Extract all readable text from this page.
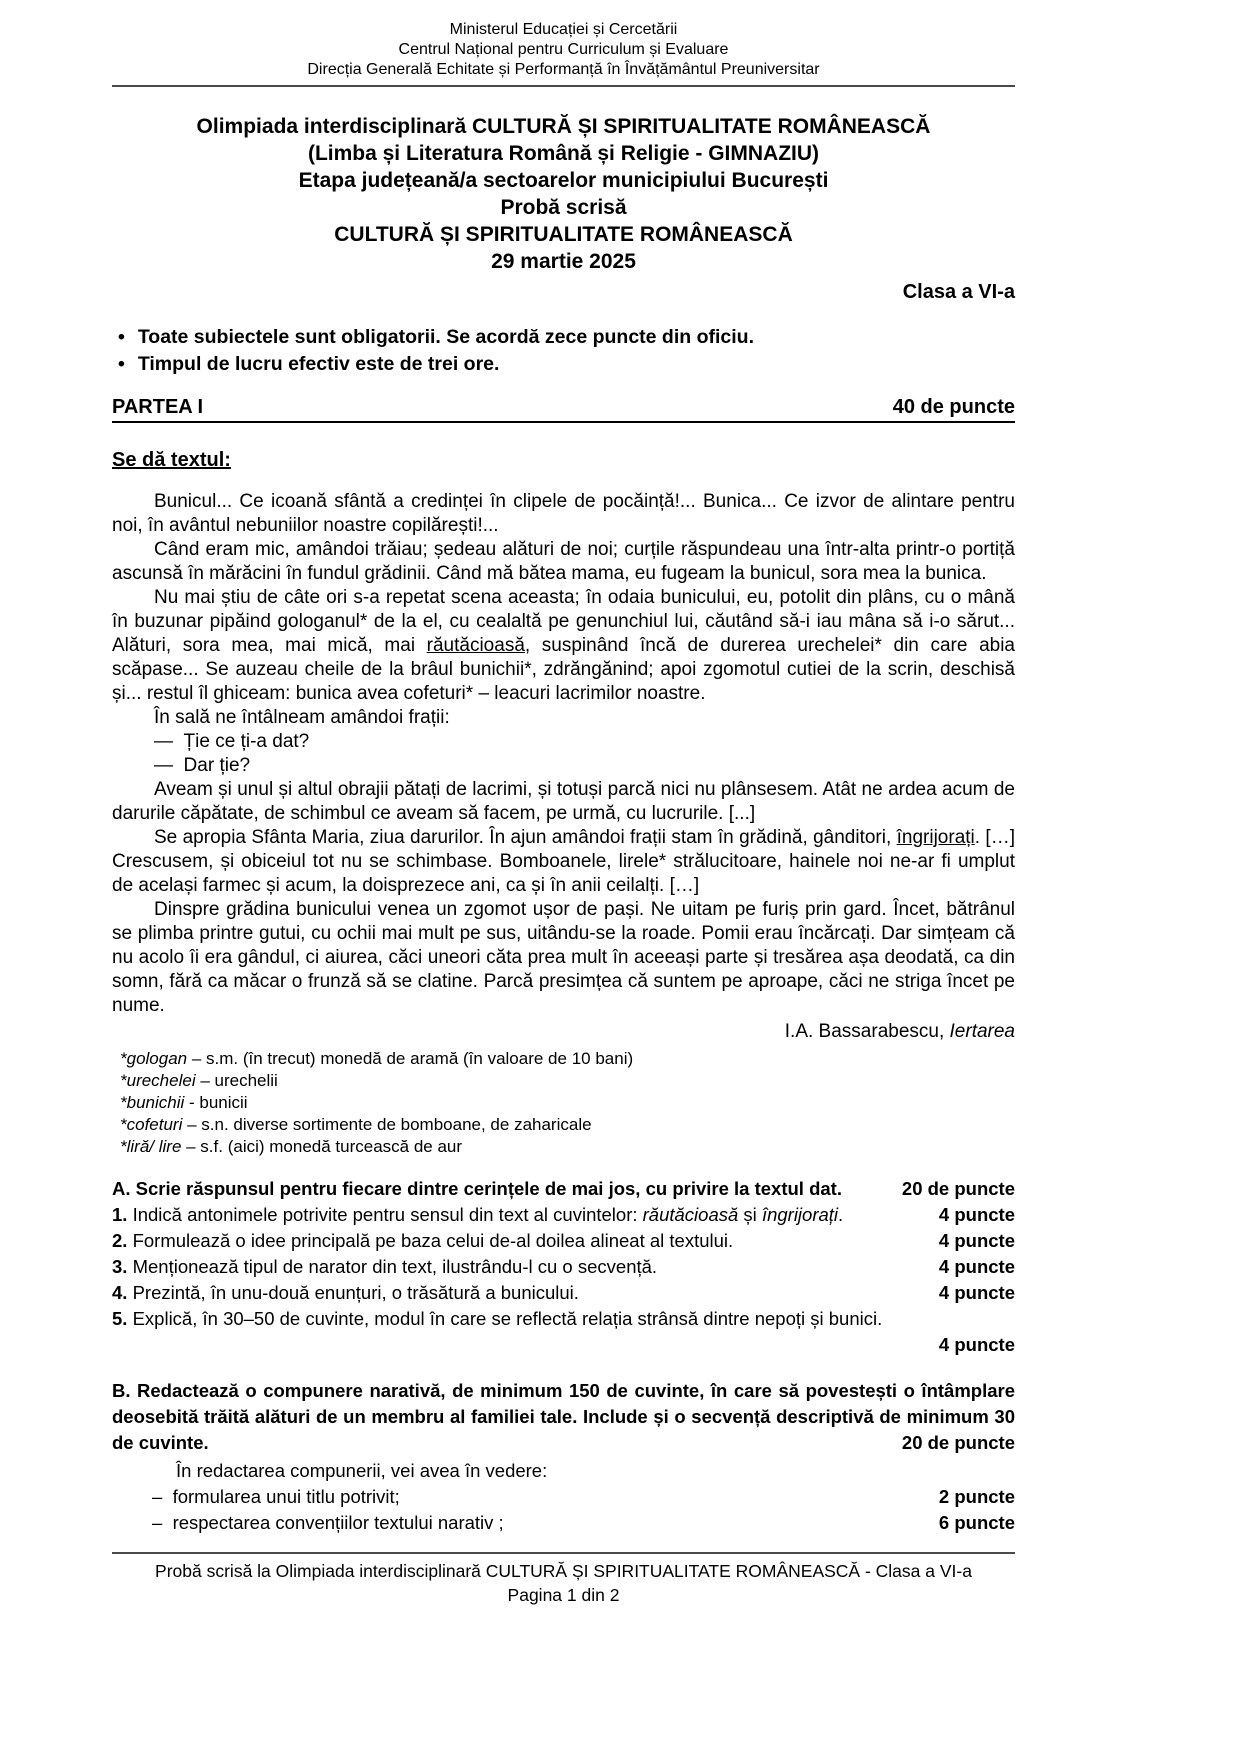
Ministerul Educației și Cercetării
Centrul Național pentru Curriculum și Evaluare
Direcția Generală Echitate și Performanță în Învățământul Preuniversitar
Olimpiada interdisciplinară CULTURĂ ȘI SPIRITUALITATE ROMÂNEASCĂ
(Limba și Literatura Română și Religie - GIMNAZIU)
Etapa județeană/a sectoarelor municipiului București
Probă scrisă
CULTURĂ ȘI SPIRITUALITATE ROMÂNEASCĂ
29 martie 2025
Clasa a VI-a
• Toate subiectele sunt obligatorii. Se acordă zece puncte din oficiu.
• Timpul de lucru efectiv este de trei ore.
PARTEA I	40 de puncte
Se dă textul:

Bunicul... Ce icoană sfântă a credinței în clipele de pocăință!... Bunica... Ce izvor de alintare pentru noi, în avântul nebuniilor noastre copilărești!...

Când eram mic, amândoi trăiau; ședeau alături de noi; curțile răspundeau una într-alta printr-o portiță ascunsă în mărăcini în fundul grădinii. Când mă bătea mama, eu fugeam la bunicul, sora mea la bunica.

Nu mai știu de câte ori s-a repetat scena aceasta; în odaia bunicului, eu, potolit din plâns, cu o mână în buzunar pipăind gologanul* de la el, cu cealaltă pe genunchiul lui, căutând să-i iau mâna să i-o sărut... Alături, sora mea, mai mică, mai răutăcioasă, suspinând încă de durerea urechelei* din care abia scăpase... Se auzeau cheile de la brâul bunichii*, zdrăngănind; apoi zgomotul cutiei de la scrin, deschisă și... restul îl ghiceam: bunica avea cofeturi* – leacuri lacrimilor noastre.

În sală ne întâlneam amândoi frații:

—  Ție ce ți-a dat?

—  Dar ție?

Aveam și unul și altul obrajii pătați de lacrimi, și totuși parcă nici nu plânsesem. Atât ne ardea acum de darurile căpătate, de schimbul ce aveam să facem, pe urmă, cu lucrurile. [...]

Se apropia Sfânta Maria, ziua darurilor. În ajun amândoi frații stam în grădină, gânditori, îngrijorați. […] Crescusem, și obiceiul tot nu se schimbase. Bomboanele, lirele* strălucitoare, hainele noi ne-ar fi umplut de același farmec și acum, la doisprezece ani, ca și în anii ceilalți. […]

Dinspre grădina bunicului venea un zgomot ușor de pași. Ne uitam pe furiș prin gard. Încet, bătrânul se plimba printre gutui, cu ochii mai mult pe sus, uitându-se la roade. Pomii erau încărcați. Dar simțeam că nu acolo îi era gândul, ci aiurea, căci uneori căta prea mult în aceeași parte și tresărea așa deodată, ca din somn, fără ca măcar o frunză să se clatine. Parcă presimțea că suntem pe aproape, căci ne striga încet pe nume.

I.A. Bassarabescu, Iertarea

*gologan – s.m. (în trecut) monedă de aramă (în valoare de 10 bani)
*urechelei – urechelii
*bunichii - bunicii
*cofeturi – s.n. diverse sortimente de bomboane, de zaharicale
*liră/ lire – s.f. (aici) monedă turcească de aur
A. Scrie răspunsul pentru fiecare dintre cerințele de mai jos, cu privire la textul dat.	20 de puncte
1. Indică antonimele potrivite pentru sensul din text al cuvintelor: răutăcioasă și îngrijorați.	4 puncte
2. Formulează o idee principală pe baza celui de-al doilea alineat al textului.	4 puncte
3. Menționează tipul de narator din text, ilustrându-l cu o secvență.	4 puncte
4. Prezintă, în unu-două enunțuri, o trăsătură a bunicului.	4 puncte
5. Explică, în 30–50 de cuvinte, modul în care se reflectă relația strânsă dintre nepoți și bunici.
4 puncte
B. Redactează o compunere narativă, de minimum 150 de cuvinte, în care să povestești o întâmplare deosebită trăită alături de un membru al familiei tale. Include și o secvență descriptivă de minimum 30 de cuvinte.	20 de puncte
În redactarea compunerii, vei avea în vedere:
–  formularea unui titlu potrivit;	2 puncte
–  respectarea convențiilor textului narativ ;	6 puncte
Probă scrisă la Olimpiada interdisciplinară CULTURĂ ȘI SPIRITUALITATE ROMÂNEASCĂ - Clasa a VI-a
Pagina 1 din 2
